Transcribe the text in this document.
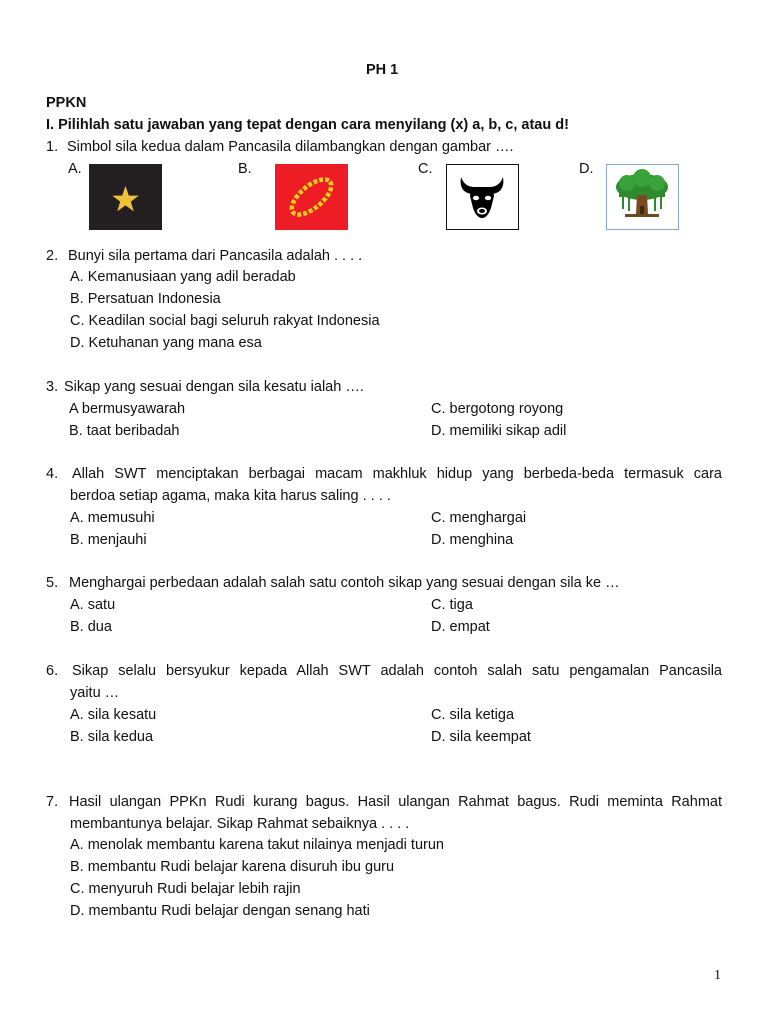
PH 1
PPKN
I. Pilihlah satu jawaban yang tepat dengan cara menyilang (x) a, b, c, atau d!
1. Simbol sila kedua dalam Pancasila dilambangkan dengan gambar ….
A.	B.	C.	D.
2. Bunyi sila pertama dari Pancasila adalah . . . .
A. Kemanusiaan yang adil beradab
B. Persatuan Indonesia
C. Keadilan social bagi seluruh rakyat Indonesia
D. Ketuhanan yang mana esa
3. Sikap yang sesuai dengan sila kesatu ialah ….
A bermusyawarah
B. taat beribadah
C. bergotong royong
D. memiliki sikap adil
4. Allah SWT menciptakan berbagai macam makhluk hidup yang berbeda-beda termasuk cara
berdoa setiap agama, maka kita harus saling . . . .
A. memusuhi
B. menjauhi
C. menghargai
D. menghina
5. Menghargai perbedaan adalah salah satu contoh sikap yang sesuai dengan sila ke …
A. satu
B. dua
C. tiga
D. empat
6. Sikap selalu bersyukur kepada Allah SWT adalah contoh salah satu pengamalan Pancasila
yaitu …
A. sila kesatu
B. sila kedua
C. sila ketiga
D. sila keempat
7. Hasil ulangan PPKn Rudi kurang bagus. Hasil ulangan Rahmat bagus. Rudi meminta Rahmat
membantunya belajar. Sikap Rahmat sebaiknya . . . .
A. menolak membantu karena takut nilainya menjadi turun
B. membantu Rudi belajar karena disuruh ibu guru
C. menyuruh Rudi belajar lebih rajin
D. membantu Rudi belajar dengan senang hati
1
